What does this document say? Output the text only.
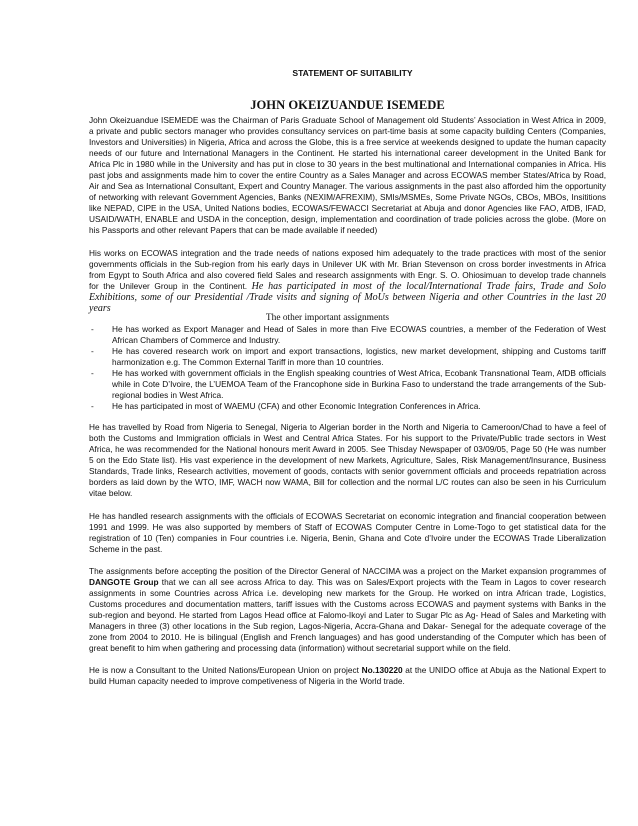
STATEMENT OF SUITABILITY
JOHN OKEIZUANDUE ISEMEDE

John Okeizuandue ISEMEDE was the Chairman of Paris Graduate School of Management old Students’ Association in West Africa in 2009, a private and public sectors manager who provides consultancy services on part-time basis at some capacity building Centers (Companies, Investors and Universities) in Nigeria, Africa and across the Globe, this is a free service at weekends designed to update the human capacity needs of our future and International Managers in the Continent. He started his international career development in the United Bank for Africa Plc in 1980 while in the University and has put in close to 30 years in the best multinational and International companies in Africa. His past jobs and assignments made him to cover the entire Country as a Sales Manager and across ECOWAS member States/Africa by Road, Air and Sea as International Consultant, Expert and Country Manager. The various assignments in the past also afforded him the opportunity of networking with relevant Government Agencies, Banks (NEXIM/AFREXIM), SMIs/MSMEs, Some Private NGOs, CBOs, MBOs, Insititions like NEPAD, CIPE in the USA, United Nations bodies, ECOWAS/FEWACCI Secretariat at Abuja and donor Agencies like FAO, AfDB, IFAD, USAID/WATH, ENABLE and USDA in the conception, design, implementation and coordination of trade policies across the globe. (More on his Passports and other relevant Papers that can be made available if needed)

His works on ECOWAS integration and the trade needs of nations exposed him adequately to the trade practices with most of the senior governments officials in the Sub-region from his early days in Unilever UK with Mr. Brian Stevenson on cross border investments in Africa from Egypt to South Africa and also covered field Sales and research assignments with Engr. S. O. Ohiosimuan to develop trade channels for the Unilever Group in the Continent. He has participated in most of the local/International Trade fairs, Trade and Solo Exhibitions, some of our Presidential /Trade visits and signing of MoUs between Nigeria and other Countries in the last 20 years

The other important assignments
- He has worked as Export Manager and Head of Sales in more than Five ECOWAS countries, a member of the Federation of West African Chambers of Commerce and Industry.
- He has covered research work on import and export transactions, logistics, new market development, shipping and Customs tariff harmonization e.g. The Common External Tariff in more than 10 countries.
- He has worked with government officials in the English speaking countries of West Africa, Ecobank Transnational Team, AfDB officials while in Cote D’Ivoire, the L’UEMOA Team of the Francophone side in Burkina Faso to understand the trade arrangements of the Sub-regional bodies in West Africa.
- He has participated in most of WAEMU (CFA) and other Economic Integration Conferences in Africa.

He has travelled by Road from Nigeria to Senegal, Nigeria to Algerian border in the North and Nigeria to Cameroon/Chad to have a feel of both the Customs and Immigration officials in West and Central Africa States. For his support to the Private/Public trade sectors in West Africa, he was recommended for the National honours merit Award in 2005. See Thisday Newspaper of 03/09/05, Page 50 (He was number 5 on the Edo State list). His vast experience in the development of new Markets, Agriculture, Sales, Risk Management/Insurance, Business Standards, Trade links, Research activities, movement of goods, contacts with senior government officials and proceeds repatriation across borders as laid down by the WTO, IMF, WACH now WAMA, Bill for collection and the normal L/C routes can also be seen in his Curriculum vitae below.

He has handled research assignments with the officials of ECOWAS Secretariat on economic integration and financial cooperation between 1991 and 1999. He was also supported by members of Staff of ECOWAS Computer Centre in Lome-Togo to get statistical data for the registration of 10 (Ten) companies in Four countries i.e. Nigeria, Benin, Ghana and Cote d’Ivoire under the ECOWAS Trade Liberalization Scheme in the past.

The assignments before accepting the position of the Director General of NACCIMA was a project on the Market expansion programmes of DANGOTE Group that we can all see across Africa to day. This was on Sales/Export projects with the Team in Lagos to cover research assignments in some Countries across Africa i.e. developing new markets for the Group. He worked on intra African trade, Logistics, Customs procedures and documentation matters, tariff issues with the Customs across ECOWAS and payment systems with Banks in the sub-region and beyond. He started from Lagos Head office at Falomo-Ikoyi and Later to Sugar Plc as Ag- Head of Sales and Marketing with Managers in three (3) other locations in the Sub region, Lagos-Nigeria, Accra-Ghana and Dakar- Senegal for the adequate coverage of the zone from 2004 to 2010. He is bilingual (English and French languages) and has good understanding of the Computer which has been of great benefit to him when gathering and processing data (information) without secretarial support while on the field.

He is now a Consultant to the United Nations/European Union on project No.130220 at the UNIDO office at Abuja as the National Expert to build Human capacity needed to improve competiveness of Nigeria in the World trade.
